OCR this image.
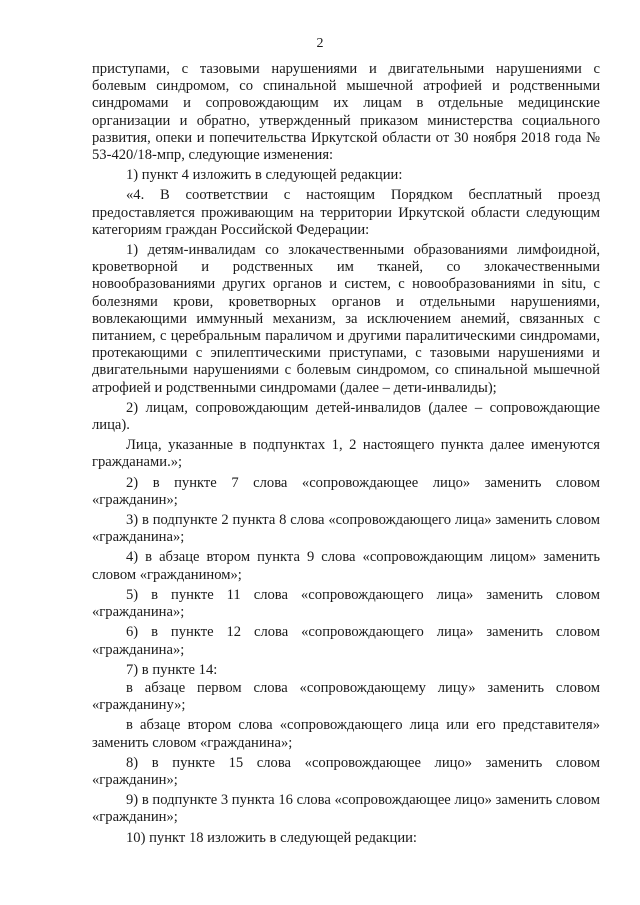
2

приступами, с тазовыми нарушениями и двигательными нарушениями с болевым синдромом, со спинальной мышечной атрофией и родственными синдромами и сопровождающим их лицам в отдельные медицинские организации и обратно, утвержденный приказом министерства социального развития, опеки и попечительства Иркутской области от 30 ноября 2018 года № 53-420/18-мпр, следующие изменения:

1) пункт 4 изложить в следующей редакции:

«4. В соответствии с настоящим Порядком бесплатный проезд предоставляется проживающим на территории Иркутской области следующим категориям граждан Российской Федерации:

1) детям-инвалидам со злокачественными образованиями лимфоидной, кроветворной и родственных им тканей, со злокачественными новообразованиями других органов и систем, с новообразованиями in situ, с болезнями крови, кроветворных органов и отдельными нарушениями, вовлекающими иммунный механизм, за исключением анемий, связанных с питанием, с церебральным параличом и другими паралитическими синдромами, протекающими с эпилептическими приступами, с тазовыми нарушениями и двигательными нарушениями с болевым синдромом, со спинальной мышечной атрофией и родственными синдромами (далее – дети-инвалиды);

2) лицам, сопровождающим детей-инвалидов (далее – сопровождающие лица).

Лица, указанные в подпунктах 1, 2 настоящего пункта далее именуются гражданами.»;

2) в пункте 7 слова «сопровождающее лицо» заменить словом «гражданин»;

3) в подпункте 2 пункта 8 слова «сопровождающего лица» заменить словом «гражданина»;

4) в абзаце втором пункта 9 слова «сопровождающим лицом» заменить словом «гражданином»;

5) в пункте 11 слова «сопровождающего лица» заменить словом «гражданина»;

6) в пункте 12 слова «сопровождающего лица» заменить словом «гражданина»;

7) в пункте 14:

в абзаце первом слова «сопровождающему лицу» заменить словом «гражданину»;

в абзаце втором слова «сопровождающего лица или его представителя» заменить словом «гражданина»;

8) в пункте 15 слова «сопровождающее лицо» заменить словом «гражданин»;

9) в подпункте 3 пункта 16 слова «сопровождающее лицо» заменить словом «гражданин»;

10) пункт 18 изложить в следующей редакции:
